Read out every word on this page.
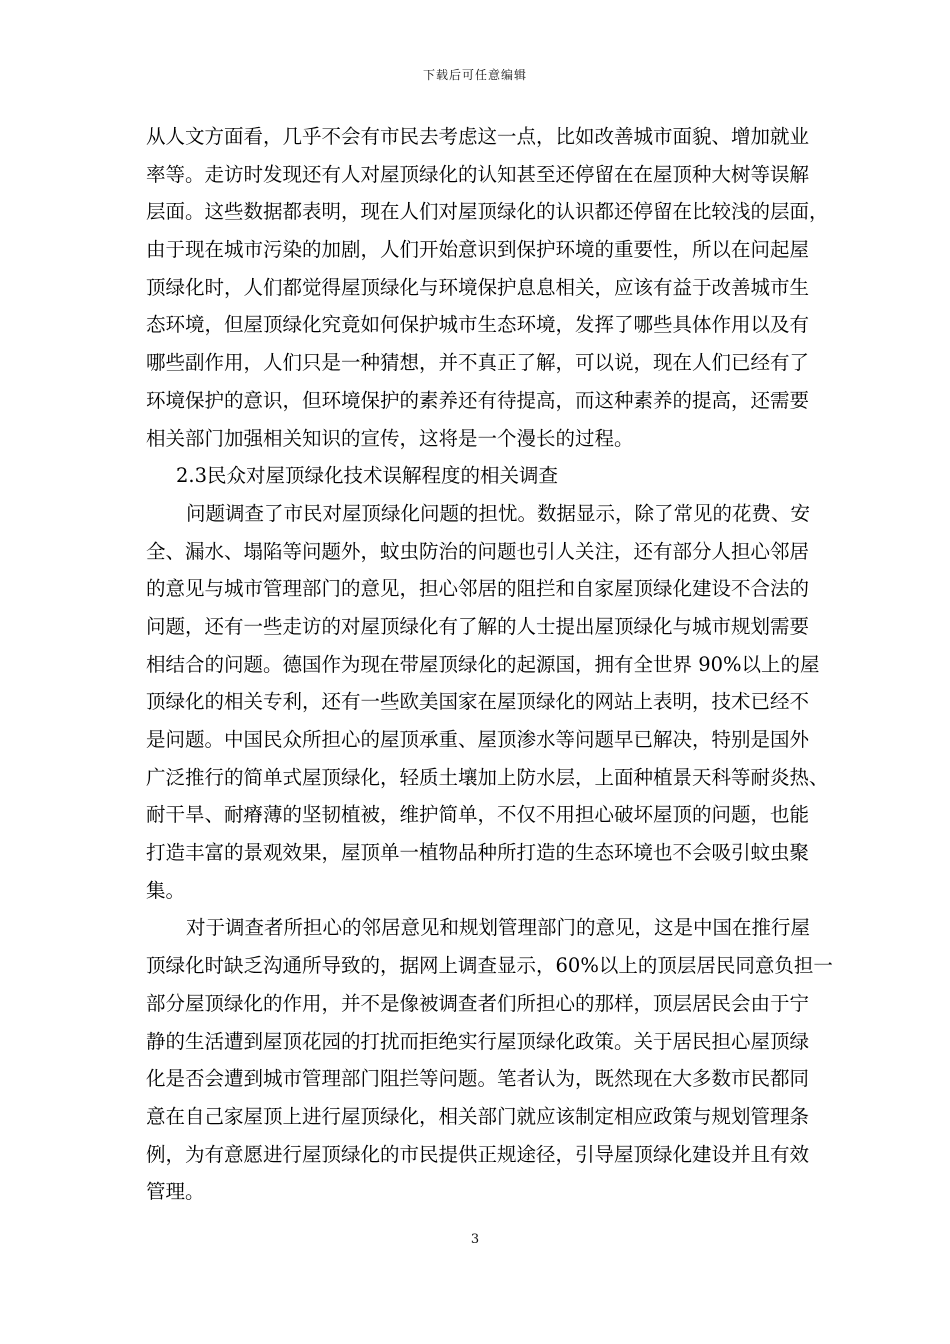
下载后可任意编辑
从人文方面看，几乎不会有市民去考虑这一点，比如改善城市面貌、增加就业
率等。走访时发现还有人对屋顶绿化的认知甚至还停留在在屋顶种大树等误解
层面。这些数据都表明，现在人们对屋顶绿化的认识都还停留在比较浅的层面，
由于现在城市污染的加剧，人们开始意识到保护环境的重要性，所以在问起屋
顶绿化时，人们都觉得屋顶绿化与环境保护息息相关，应该有益于改善城市生
态环境，但屋顶绿化究竟如何保护城市生态环境，发挥了哪些具体作用以及有
哪些副作用，人们只是一种猜想，并不真正了解，可以说，现在人们已经有了
环境保护的意识，但环境保护的素养还有待提高，而这种素养的提高，还需要
相关部门加强相关知识的宣传，这将是一个漫长的过程。
2.3民众对屋顶绿化技术误解程度的相关调查
问题调查了市民对屋顶绿化问题的担忧。数据显示，除了常见的花费、安
全、漏水、塌陷等问题外，蚊虫防治的问题也引人关注，还有部分人担心邻居
的意见与城市管理部门的意见，担心邻居的阻拦和自家屋顶绿化建设不合法的
问题，还有一些走访的对屋顶绿化有了解的人士提出屋顶绿化与城市规划需要
相结合的问题。德国作为现在带屋顶绿化的起源国，拥有全世界 90%以上的屋
顶绿化的相关专利，还有一些欧美国家在屋顶绿化的网站上表明，技术已经不
是问题。中国民众所担心的屋顶承重、屋顶渗水等问题早已解决，特别是国外
广泛推行的简单式屋顶绿化，轻质土壤加上防水层，上面种植景天科等耐炎热、
耐干旱、耐瘠薄的坚韧植被，维护简单，不仅不用担心破坏屋顶的问题，也能
打造丰富的景观效果，屋顶单一植物品种所打造的生态环境也不会吸引蚊虫聚
集。
对于调查者所担心的邻居意见和规划管理部门的意见，这是中国在推行屋
顶绿化时缺乏沟通所导致的，据网上调查显示，60%以上的顶层居民同意负担一
部分屋顶绿化的作用，并不是像被调查者们所担心的那样，顶层居民会由于宁
静的生活遭到屋顶花园的打扰而拒绝实行屋顶绿化政策。关于居民担心屋顶绿
化是否会遭到城市管理部门阻拦等问题。笔者认为，既然现在大多数市民都同
意在自己家屋顶上进行屋顶绿化，相关部门就应该制定相应政策与规划管理条
例，为有意愿进行屋顶绿化的市民提供正规途径，引导屋顶绿化建设并且有效
管理。
3
